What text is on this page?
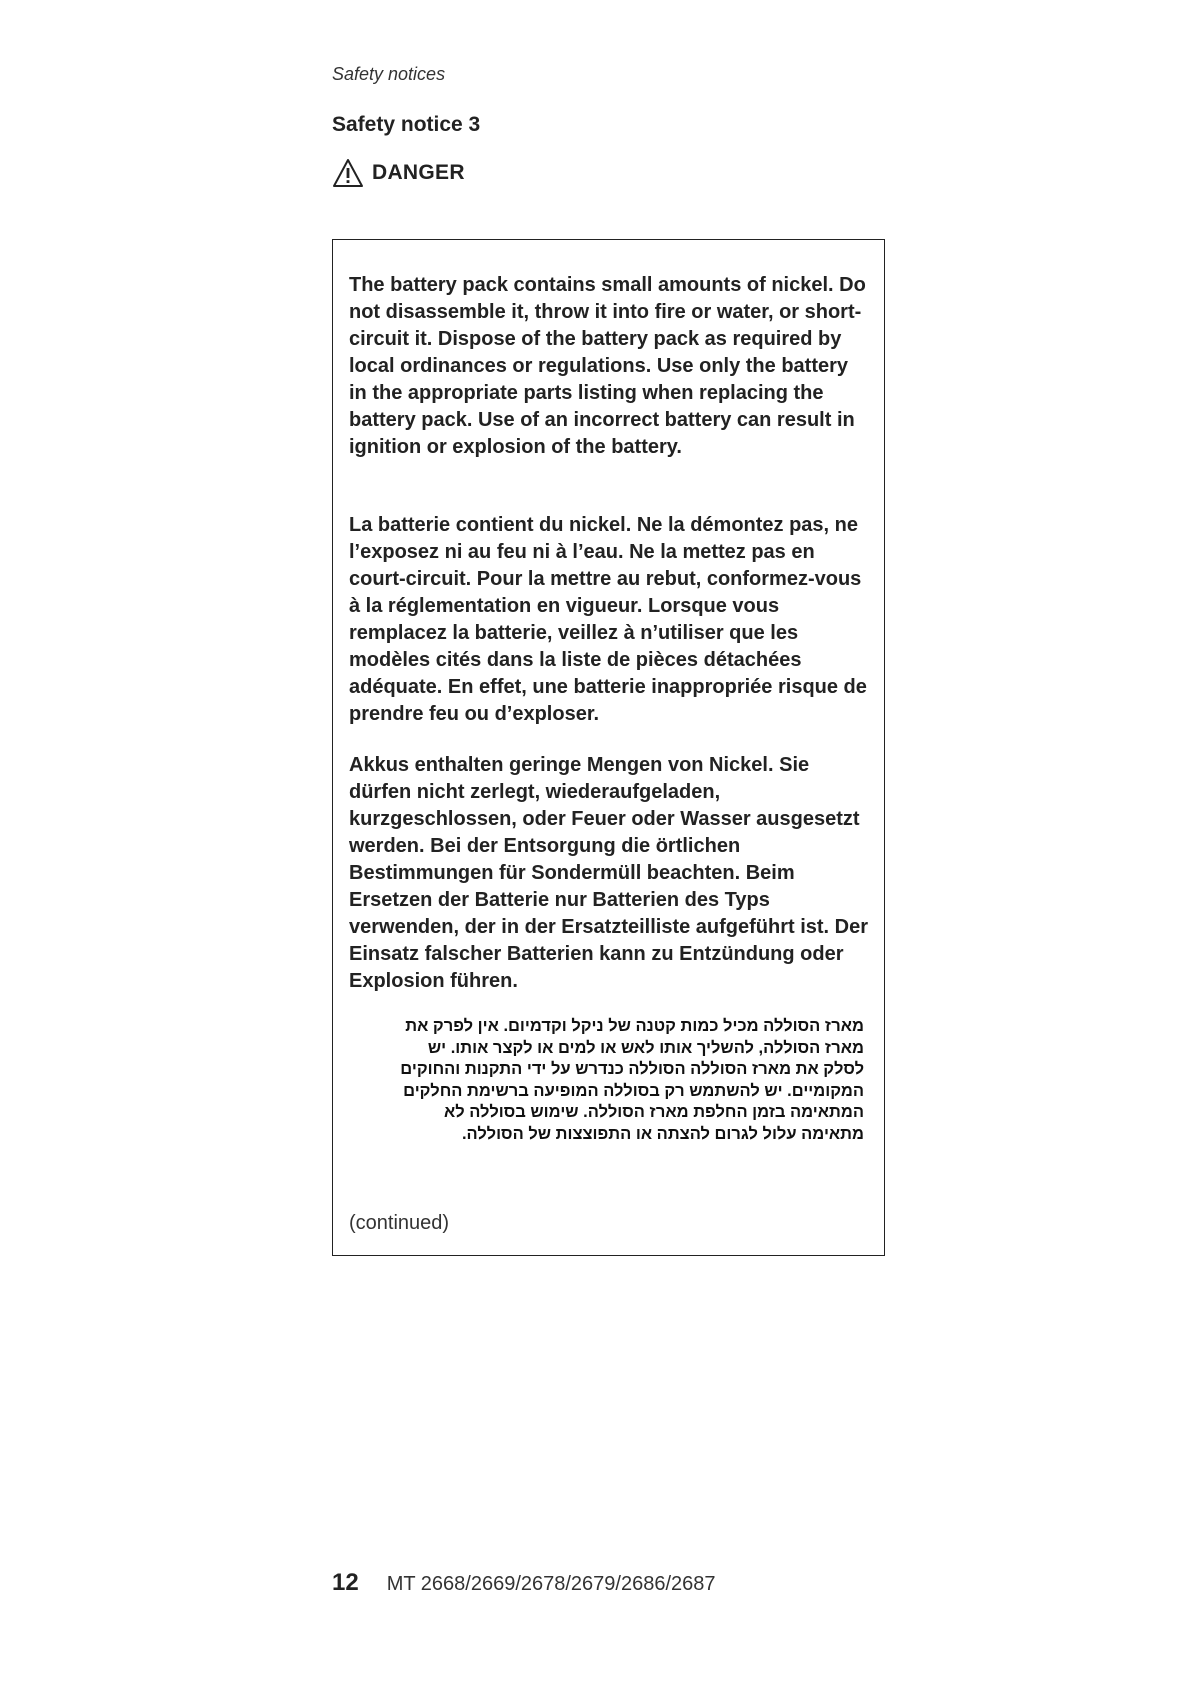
Safety notices
Safety notice 3
DANGER

The battery pack contains small amounts of nickel. Do not disassemble it, throw it into fire or water, or short-circuit it. Dispose of the battery pack as required by local ordinances or regulations. Use only the battery in the appropriate parts listing when replacing the battery pack. Use of an incorrect battery can result in ignition or explosion of the battery.

La batterie contient du nickel. Ne la démontez pas, ne l’exposez ni au feu ni à l’eau. Ne la mettez pas en court-circuit. Pour la mettre au rebut, conformez-vous à la réglementation en vigueur. Lorsque vous remplacez la batterie, veillez à n’utiliser que les modèles cités dans la liste de pièces détachées adéquate. En effet, une batterie inappropriée risque de prendre feu ou d’exploser.

Akkus enthalten geringe Mengen von Nickel. Sie dürfen nicht zerlegt, wiederaufgeladen, kurzgeschlossen, oder Feuer oder Wasser ausgesetzt werden. Bei der Entsorgung die örtlichen Bestimmungen für Sondermüll beachten. Beim Ersetzen der Batterie nur Batterien des Typs verwenden, der in der Ersatzteilliste aufgeführt ist. Der Einsatz falscher Batterien kann zu Entzündung oder Explosion führen.

מארז הסוללה מכיל כמות קטנה של ניקל וקדמיום. אין לפרק את מארז הסוללה, להשליך אותו לאש או למים או לקצר אותו. יש לסלק את מארז הסוללה הסוללה כנדרש על ידי התקנות והחוקים המקומיים. יש להשתמש רק בסוללה המופיעה ברשימת החלקים המתאימה בזמן החלפת מארז הסוללה. שימוש בסוללה לא מתאימה עלול לגרום להצתה או התפוצצות של הסוללה.

(continued)
12 MT 2668/2669/2678/2679/2686/2687
